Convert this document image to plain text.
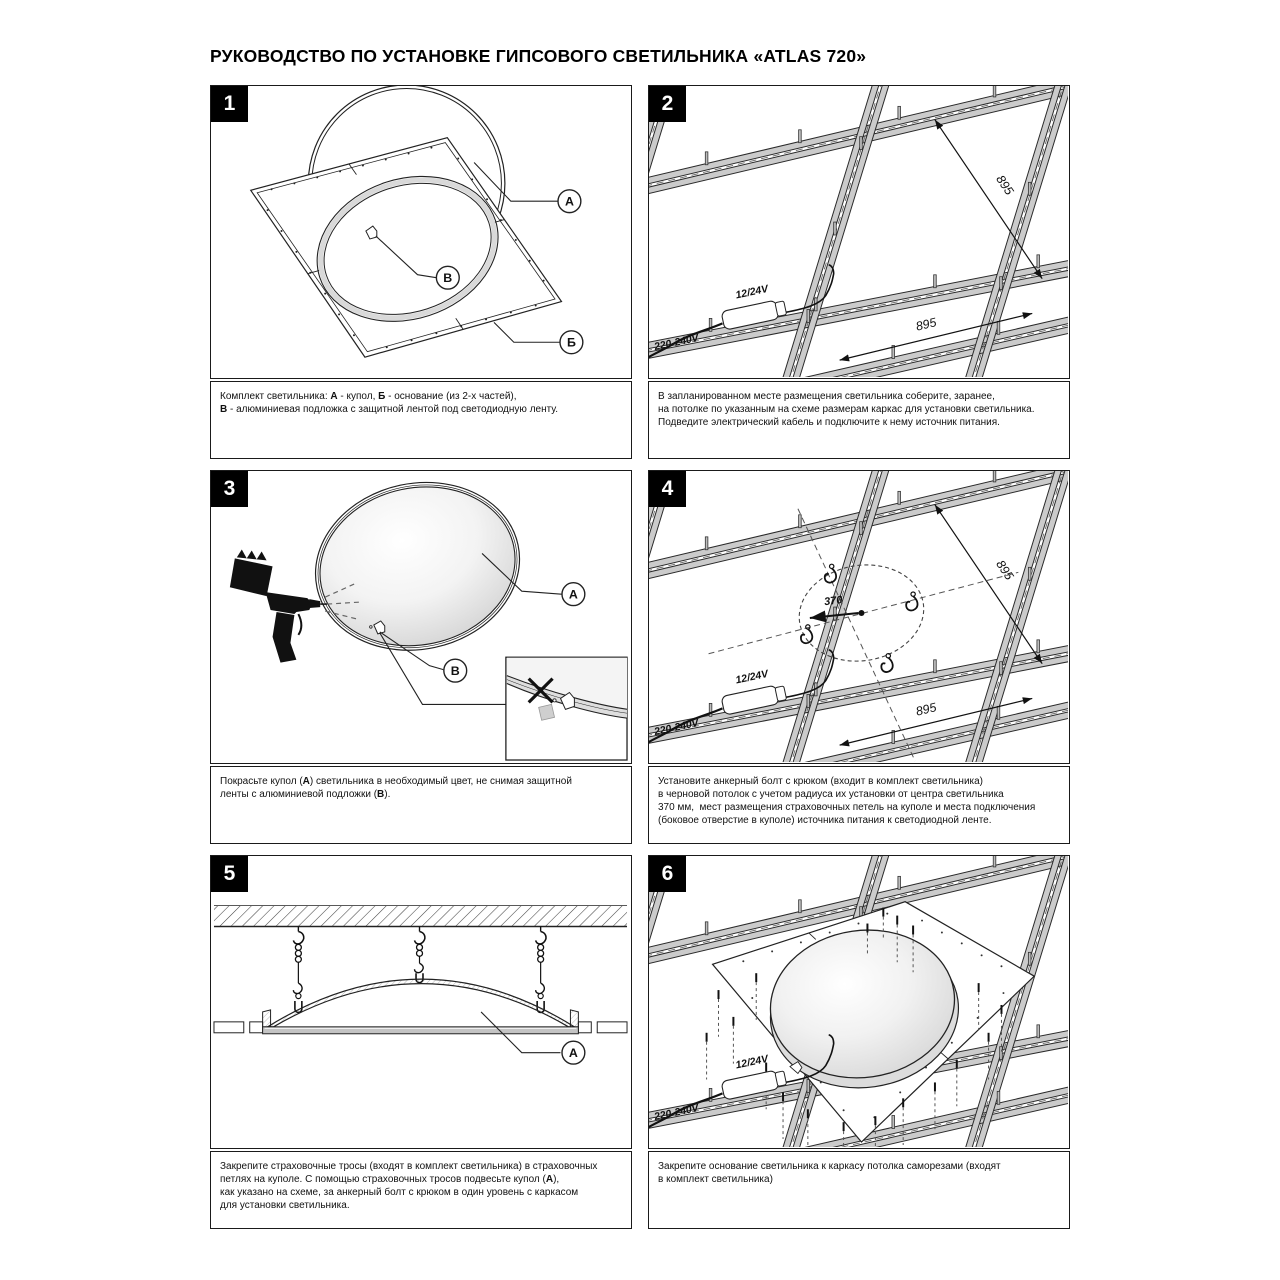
РУКОВОДСТВО ПО УСТАНОВКЕ ГИПСОВОГО СВЕТИЛЬНИКА «ATLAS 720»
1
А
В
Б
Комплект светильника: А - купол, Б - основание (из 2-х частей),
В - алюминиевая подложка с защитной лентой под светодиодную ленту.
2
В запланированном месте размещения светильника соберите, заранее,
на потолке по указанным на схеме размерам каркас для установки светильника.
Подведите электрический кабель и подключите к нему источник питания.
3
А
В
Покрасьте купол (А) светильника в необходимый цвет, не снимая защитной
ленты с алюминиевой подложки (В).
4
370
Установите анкерный болт с крюком (входит в комплект светильника)
в черновой потолок с учетом радиуса их установки от центра светильника
370 мм,  мест размещения страховочных петель на куполе и места подключения
(боковое отверстие в куполе) источника питания к светодиодной ленте.
5
А
Закрепите страховочные тросы (входят в комплект светильника) в страховочных
петлях на куполе. С помощью страховочных тросов подвесьте купол (А),
как указано на схеме, за анкерный болт с крюком в один уровень с каркасом
для установки светильника.
6
Закрепите основание светильника к каркасу потолка саморезами (входят
в комплект светильника)
